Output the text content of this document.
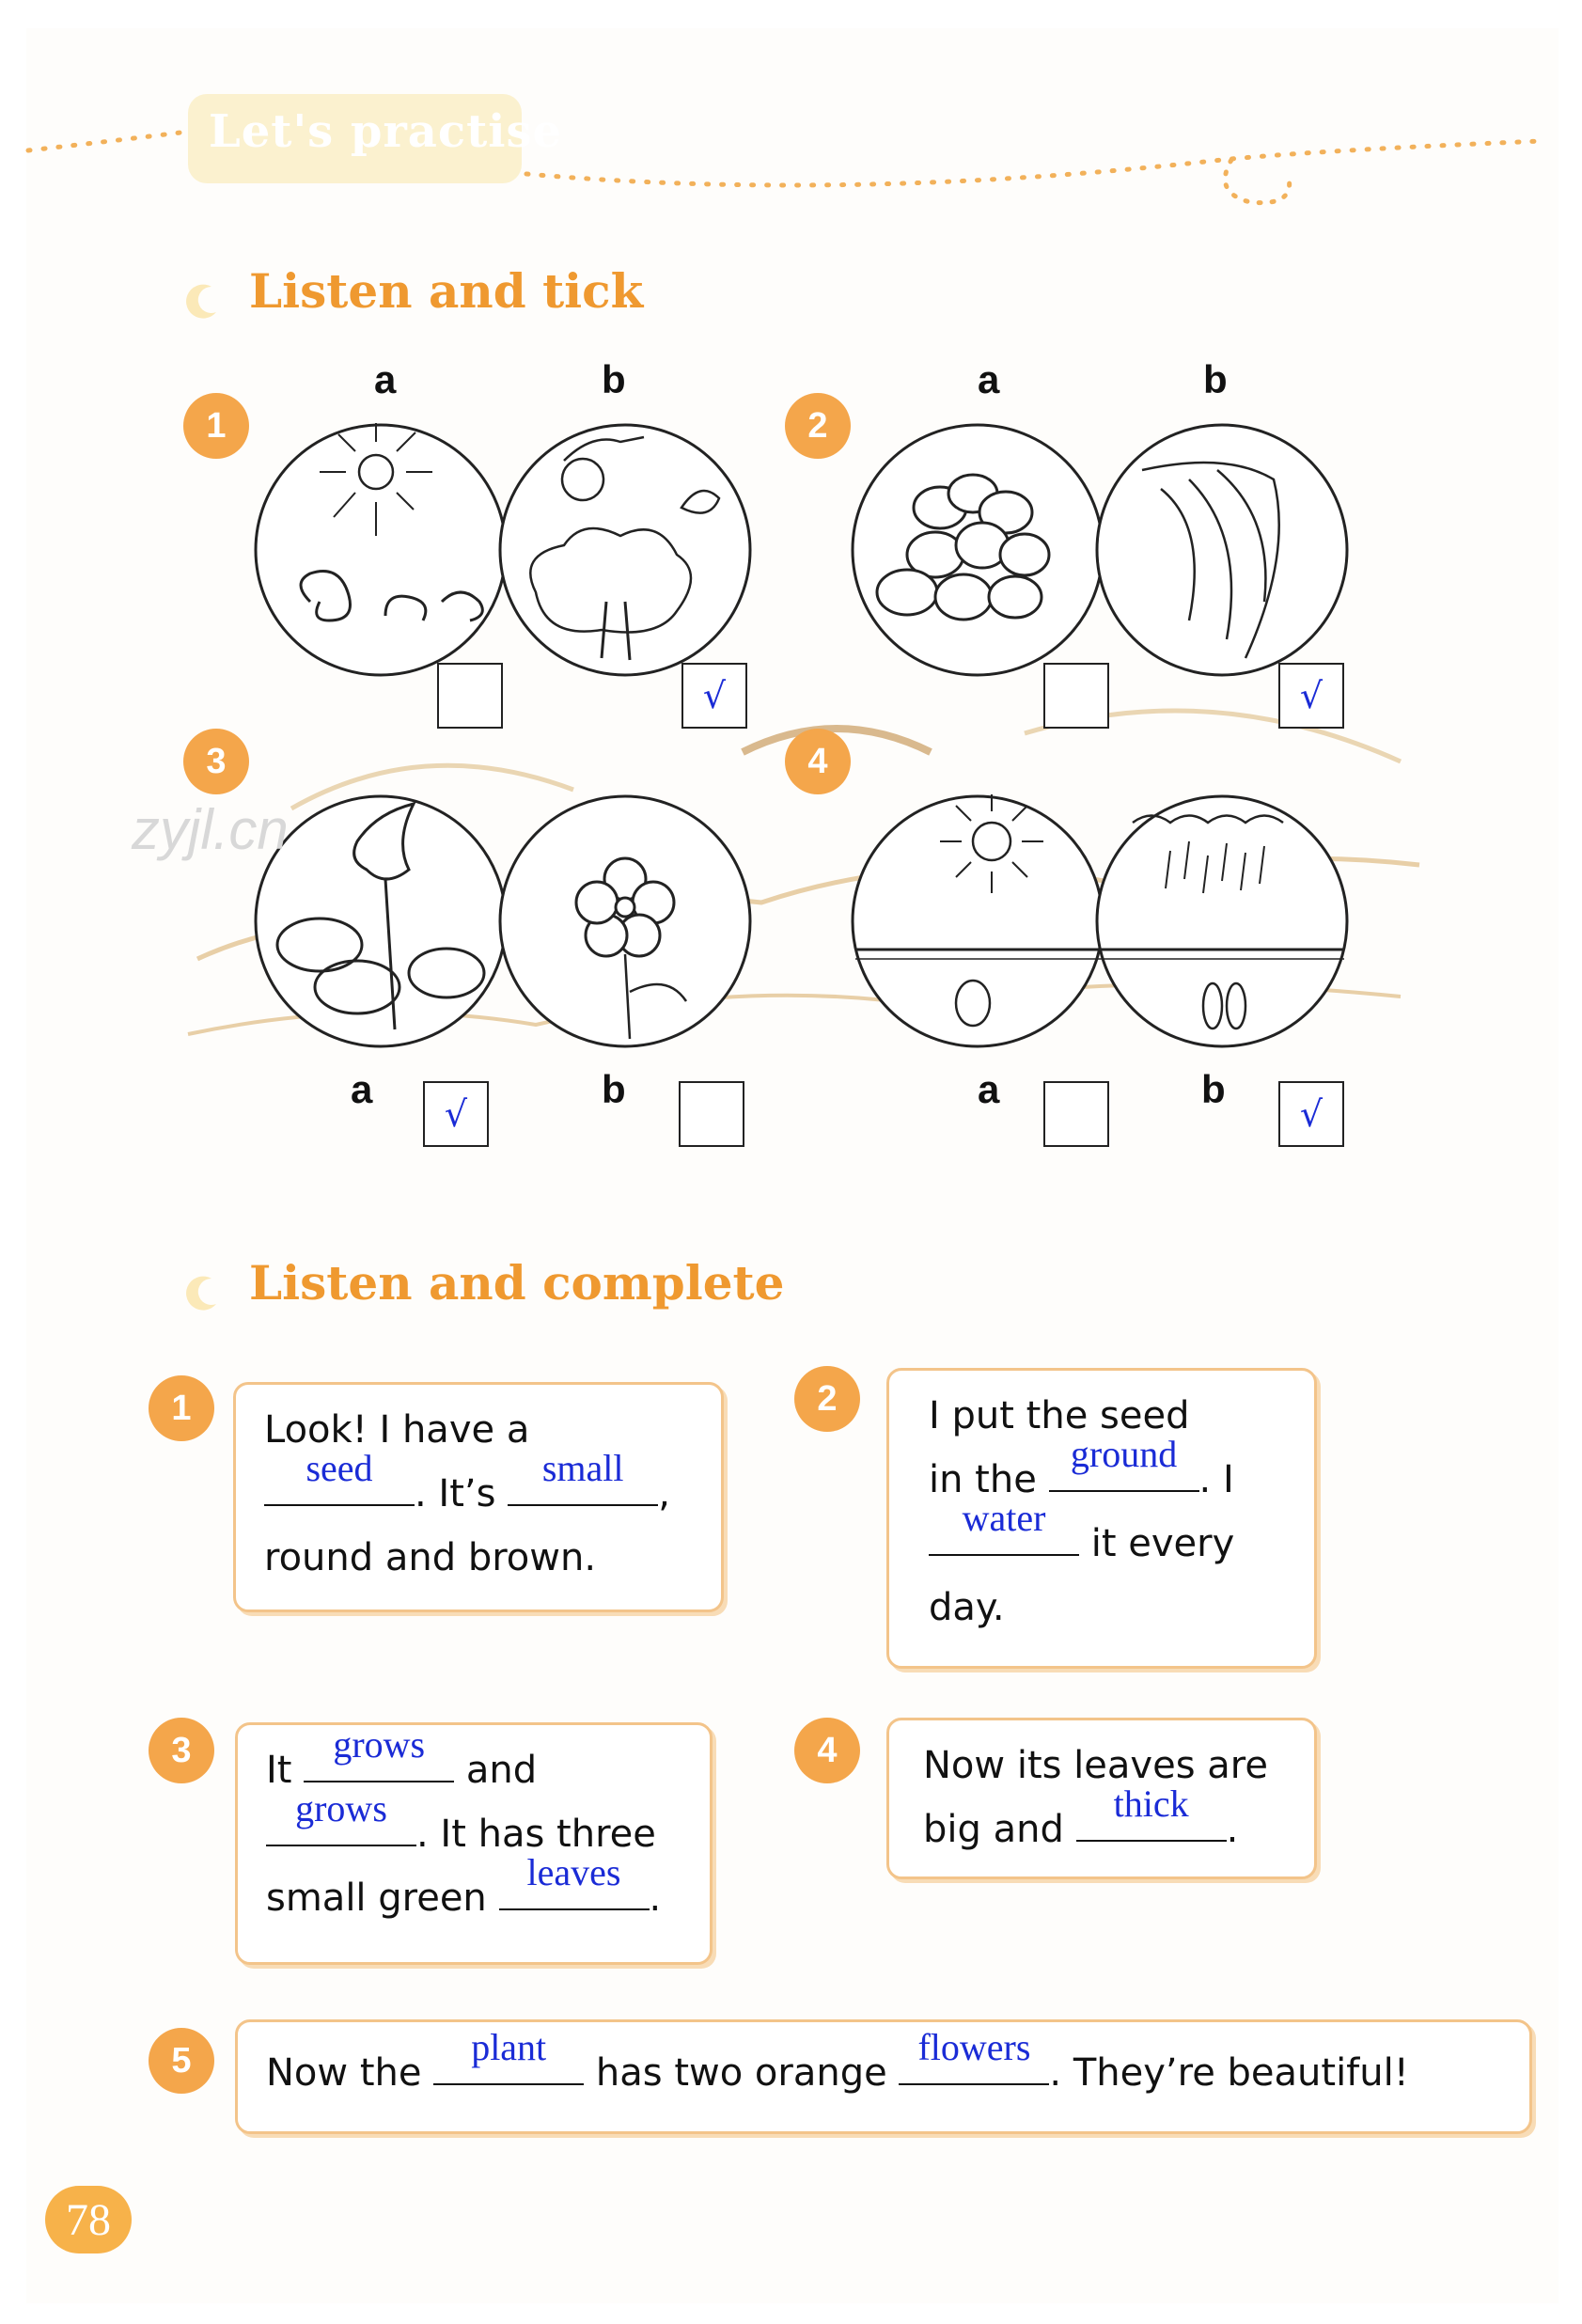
Let's practise
Listen and tick
1	2
3	4
a	b	a	b
a	b	a	b
√	√
√	√
zyjl.cn
Listen and complete
1	2
3	4
5
Look! I have a
seed
. It’s
small
,
round and brown.
I put the seed
in the
ground
. I
water
it every
day.
It
grows
and
grows
. It has three
small green
leaves
.
Now its leaves are
big and
thick
.
Now the
plant
has two orange
flowers
. They’re beautiful!
78
